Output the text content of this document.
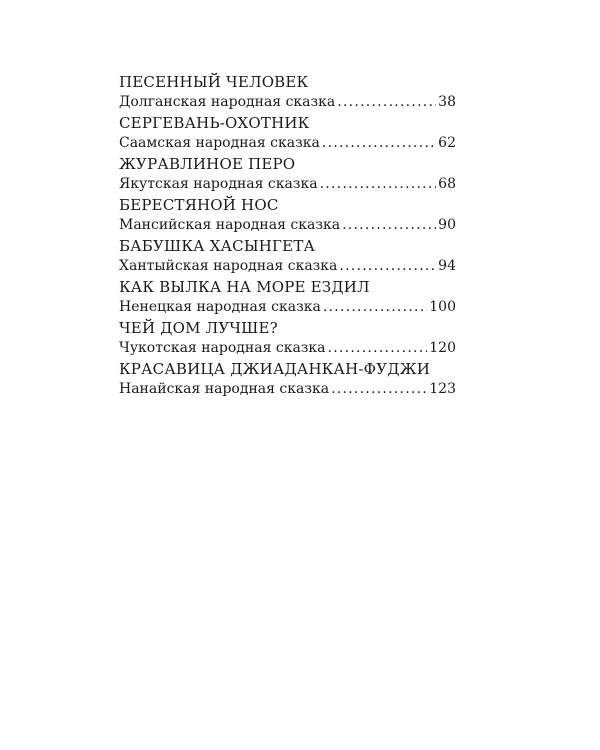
ПЕСЕННЫЙ ЧЕЛОВЕК
Долганская народная сказка . . .	38
СЕРГЕВАНЬ-ОХОТНИК
Саамская народная сказка . . .	62
ЖУРАВЛИНОЕ ПЕРО
Якутская народная сказка . . .	68
БЕРЕСТЯНОЙ НОС
Мансийская народная сказка . . .	90
БАБУШКА ХАСЫНГЕТА
Хантыйская народная сказка . . .	94
КАК ВЫЛКА НА МОРЕ ЕЗДИЛ
Ненецкая народная сказка . . .	100
ЧЕЙ ДОМ ЛУЧШЕ?
Чукотская народная сказка . . .	120
КРАСАВИЦА ДЖИАДАНКАН-ФУДЖИ
Нанайская народная сказка . . .	123
